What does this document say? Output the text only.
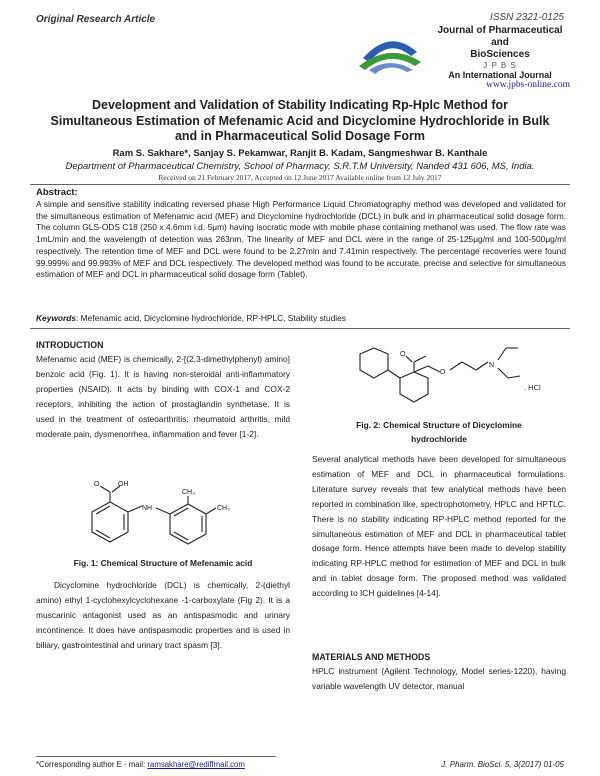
Original Research Article	ISSN 2321-0125
Journal of Pharmaceutical and
BioSciences
J P B S
An International Journal
www.jpbs-online.com
Development and Validation of Stability Indicating Rp-Hplc Method for Simultaneous Estimation of Mefenamic Acid and Dicyclomine Hydrochloride in Bulk and in Pharmaceutical Solid Dosage Form
Ram S. Sakhare*, Sanjay S. Pekamwar, Ranjit B. Kadam, Sangmeshwar B. Kanthale
Department of Pharmaceutical Chemistry, School of Pharmacy, S.R.T.M University, Nanded 431 606, MS, India.
Received on 21 February 2017, Accepted on 12 June 2017 Available online from 12 July 2017
Abstract:
A simple and sensitive stability indicating reversed phase High Performance Liquid Chromatography method was developed and validated for the simultaneous estimation of Mefenamic acid (MEF) and Dicyclomine hydrochloride (DCL) in bulk and in pharmaceutical solid dosage form. The column GLS-ODS C18 (250 x 4.6mm i.d. 5μm) having isocratic mode with mobile phase containing methanol was used. The flow rate was 1mL/min and the wavelength of detection was 263nm. The linearity of MEF and DCL were in the range of 25-125μg/ml and 100-500μg/ml respectively. The retention time of MEF and DCL were found to be 2.27min and 7.41min respectively. The percentage recoveries were found 99.999% and 99.993% of MEF and DCL respectively. The developed method was found to be accurate, precise and selective for simultaneous estimation of MEF and DCL in pharmaceutical solid dosage form (Tablet).
Keywords: Mefenamic acid, Dicyclomine hydrochloride, RP-HPLC, Stability studies
INTRODUCTION
Mefenamic acid (MEF) is chemically, 2-[(2,3-dimethylphenyl) amino] benzoic acid (Fig. 1). It is having non-steroidal anti-inflammatory properties (NSAID). It acts by binding with COX-1 and COX-2 receptors, inhibiting the action of prostaglandin synthetase. It is used in the treatment of osteoarthritis, rheumatoid arthritis, mild moderate pain, dysmenorrhea, inflammation and fever [1-2].
O	OH
NH
CH₃
CH₃
Fig. 1: Chemical Structure of Mefenamic acid
Dicyclomine hydrochloride (DCL) is chemically, 2-(diethyl amino) ethyl 1-cyclohexylcyclohexane -1-carboxylate (Fig 2). It is a muscarinic antagonist used as an antispasmodic and urinary incontinence. It does have antispasmodic properties and is used in biliary, gastrointestinal and urinary tract spasm [3].
O
O
N
. HCl
Fig. 2: Chemical Structure of Dicyclomine
hydrochloride
Several analytical methods have been developed for simultaneous estimation of MEF and DCL in pharmaceutical formulations. Literature survey reveals that few analytical methods have been reported in combination like, spectrophotometry, HPLC and HPTLC. There is no stability indicating RP-HPLC method reported for the simultaneous estimation of MEF and DCL in pharmaceutical tablet dosage form. Hence attempts have been made to develop stability indicating RP-HPLC method for estimation of MEF and DCL in bulk and in tablet dosage form. The proposed method was validated according to ICH guidelines [4-14].
MATERIALS AND METHODS
HPLC instrument (Agilent Technology, Model series-1220), having variable wavelength UV detector, manual
*Corresponding author E - mail: ramsakhare@rediffmail.com	J. Pharm. BioSci. 5, 3(2017) 01-05
